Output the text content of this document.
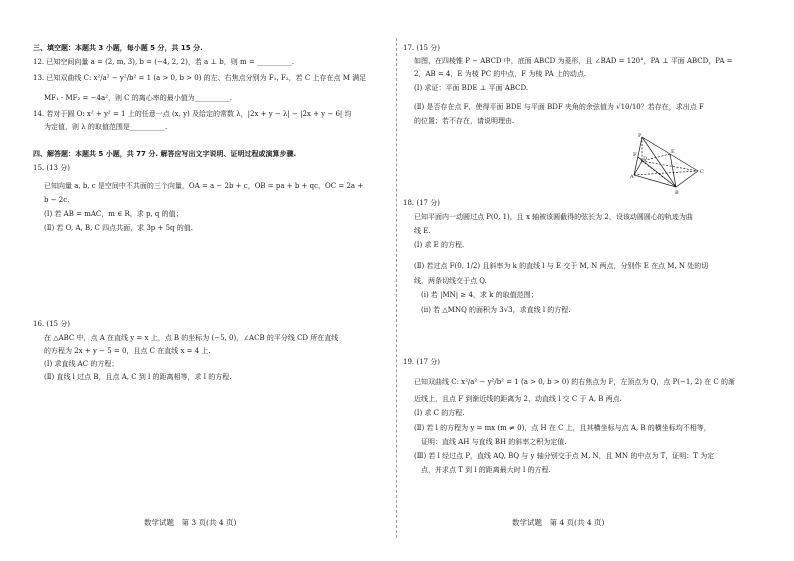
三、填空题：本题共 3 小题，每小题 5 分，共 15 分.
12. 已知空间向量 a = (2, m, 3), b = (−4, 2, 2)，若 a ⊥ b，则 m = __________.
13. 已知双曲线 C: x²/a² − y²/b² = 1 (a > 0, b > 0) 的左、右焦点分别为 F₁, F₂，若 C 上存在点 M 满足
MF₁ · MF₂ = −4a²，则 C 的离心率的最小值为__________.
14. 若对于圆 O: x² + y² = 1 上的任意一点 (x, y) 及给定的常数 λ，|2x + y − λ| − |2x + y − 6| 均
为定值，则 λ 的取值范围是__________.
四、解答题：本题共 5 小题，共 77 分. 解答应写出文字说明、证明过程或演算步骤.
15. (13 分)
已知向量 a, b, c 是空间中不共面的三个向量，OA = a − 2b + c，OB = pa + b + qc，OC = 2a +
b − 2c.
(Ⅰ) 若 AB = mAC，m ∈ R，求 p, q 的值；
(Ⅱ) 若 O, A, B, C 四点共面，求 3p + 5q 的值.
16. (15 分)
在 △ABC 中，点 A 在直线 y = x 上，点 B 的坐标为 (−5, 0)，∠ACB 的平分线 CD 所在直线
的方程为 2x + y − 5 = 0，且点 C 在直线 x = 4 上.
(Ⅰ) 求直线 AC 的方程；
(Ⅱ) 直线 l 过点 B，且点 A, C 到 l 的距离相等，求 l 的方程.
数学试题　第 3 页(共 4 页)
17. (15 分)
如图，在四棱锥 P − ABCD 中，底面 ABCD 为菱形，且 ∠BAD = 120°，PA ⊥ 平面 ABCD，PA =
2，AB = 4，E 为棱 PC 的中点，F 为棱 PA 上的动点.
(Ⅰ) 求证：平面 BDE ⊥ 平面 ABCD.
(Ⅱ) 是否存在点 F，使得平面 BDE 与平面 BDF 夹角的余弦值为 √10/10？若存在，求出点 F
的位置；若不存在，请说明理由.
P
A
B
C
D
E
F
18. (17 分)
已知平面内一动圆过点 P(0, 1)，且 x 轴被该圆截得的弦长为 2，设该动圆圆心的轨迹为曲
线 E.
(Ⅰ) 求 E 的方程.
(Ⅱ) 若过点 F(0, 1/2) 且斜率为 k 的直线 l 与 E 交于 M, N 两点，分别作 E 在点 M, N 处的切
线，两条切线交于点 Q.
(ⅰ) 若 |MN| ≥ 4，求 k 的取值范围；
(ⅱ) 若 △MNQ 的面积为 3√3，求直线 l 的方程.
19. (17 分)
已知双曲线 C: x²/a² − y²/b² = 1 (a > 0, b > 0) 的右焦点为 F，左顶点为 Q，点 P(−1, 2) 在 C 的渐
近线上，且点 F 到渐近线的距离为 2，动直线 l 交 C 于 A, B 两点.
(Ⅰ) 求 C 的方程.
(Ⅱ) 若 l 的方程为 y = mx (m ≠ 0)，点 H 在 C 上，且其横坐标与点 A, B 的横坐标均不相等，
证明：直线 AH 与直线 BH 的斜率之积为定值.
(Ⅲ) 若 l 经过点 P，直线 AQ, BQ 与 y 轴分别交于点 M, N，且 MN 的中点为 T，证明：T 为定
点，并求点 T 到 l 的距离最大时 l 的方程.
数学试题　第 4 页(共 4 页)
